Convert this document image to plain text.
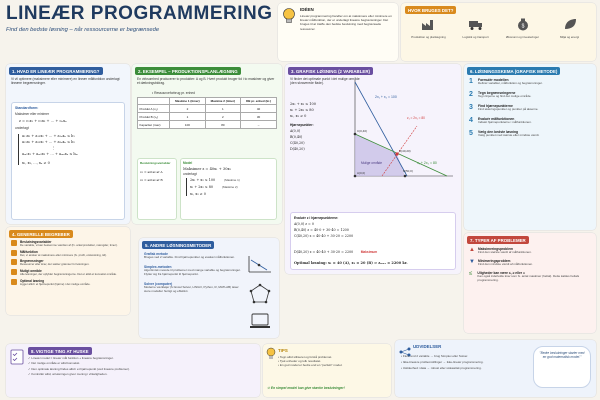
LINEÆR PROGRAMMERING
Find den bedste løsning – når ressourcerne er begrænsede
IDÉEN
Lineær programmering handler om at maksimere eller minimere en lineær målfunktion, der er underlagt lineære begrænsninger. Det bruges til at træffe den bedste beslutning med begrænsede ressourcer.
HVOR BRUGES DET?
Produktion og planlægning	Logistik og transport
$
Økonomi og investeringer	Miljø og energi
1. HVAD ER LINEÆR PROGRAMMERING?
Vi vil optimere (maksimere eller minimere) en lineær målfunktion underlagt lineære begrænsninger.
Standardform:
Maksimer eller minimer
z = c₁x₁ + c₂x₂ + … + cₙxₙ
underlagt
a₁₁x₁ + a₁₂x₂ + … + a₁ₙxₙ ≤ b₁
a₂₁x₁ + a₂₂x₂ + … + a₂ₙxₙ ≤ b₂
⋮
aₘ₁x₁ + aₘ₂x₂ + … + aₘₙxₙ ≤ bₘ
x₁, x₂, …, xₙ ≥ 0
2. EKSEMPEL – PRODUKTIONSPLANLÆGNING
En virksomhed producerer to produkter: A og B. Hvert produkt bruger tid i to maskiner og giver et dækningsbidrag.
• Ressourceforbrug pr. enhed
	Maskine 1 (timer)	Maskine 2 (timer)	DB pr. enhed (kr.)
Produkt A (x₁)	2	1	40
Produkt B (x₂)	1	2	30
Kapacitet (max)	100	80	–
Beslutningsvariabler
x₁ = antal af A
x₂ = antal af B
Model
Maksimer z = 40x₁ + 30x₂
underlagt
2x₁ + x₂ ≤ 100	(Maskine 1)
x₁ + 2x₂ ≤ 80	(Maskine 2)
x₁, x₂ ≥ 0
3. GRAFISK LØSNING (2 VARIABLER)
Vi finder det optimale punkt i det mulige område (den skraverede flade).
2x₁ + x₂ ≤ 100
x₁ + 2x₂ ≤ 80
x₁, x₂ ≥ 0
Hjørnepunkter:
A(0,0)
B(0,40)
C(40,20)
D(40,20)
2x₁ + x₂ = 100
x₁ + 2x₂ = 80
Mulige område
z₁ = 2x₁ = 80
C(0,40)
D(40,20)
A(0,0)	B(50,0)
Evaluér z i hjørnepunkterne:
A(0,0) z = 0
B(0,40) z = 40·0 + 30·40 = 1200
C(40,20) z = 40·40 + 30·20 = 2200
D(40,20) z = 40·40 + 30·20 = 2200 Maksimum
Optimal løsning: x₁ = 40 (A), x₂ = 20 (B) ⇒ zₘₐₓ = 2200 kr.
6. LØSNINGSSKEMA (GRAFISK METODE)
1	Formulér modellen
Definér variabler, målfunktion og begrænsninger.
2	Tegn begrænsningerne
Tegn linjerne og find det mulige område.
3	Find hjørnepunkterne
Find skæringspunkter og punkter på akserne.
4	Evaluér målfunktionen
Indsæt hjørnepunkterne i målfunktionen.
5	Vælg den bedste løsning
Vælg punktet med største eller mindste værdi.
4. GENERELLE BEGREBER
Beslutningsvariabler
De variable, vi kan bestemme værdien af (fx. antal produkter, mængder, timer).
Målfunktion
Det, vi ønsker at maksimere eller minimere (fx. profit, omkostning, tid).
Begrænsninger
Ressourcer eller krav, der sætter grænser for løsningen.
Muligt område
Alle løsninger, der opfylder begrænsningerne. Det er altid et konvekst område.
Optimal løsning
Ligger altid i et hjørnepunkt (hjørne) i det mulige område.
5. ANDRE LØSNINGSMETODER
Grafisk metode
Bruges ved 2 variable. Find hjørnepunkter og evaluér målfunktionen.
Simplex-metoden
Algoritmisk metode til problemer med mange variable og begrænsninger. Flytter sig fra hjørnepunkt til hjørnepunkt.
Solver (computer)
Moderne værktøjer (fx Excel Solver, LINGO, Python, R, MATLAB) løser store modeller hurtigt og effektivt.
7. TYPER AF PROBLEMER
▲ Maksimeringsproblem
Find den største værdi af målfunktionen.
▼ Minimeringsproblem
Find den mindste værdi af målfunktionen.
≤	Uligheder kan være ≤, ≥ eller =
Kan også indeholde krav som fx. antal maskiner (heltal). Dette kaldes heltals programmering.
8. VIGTIGE TING AT HUSKE
✓ Lineær model = lineær mål funktion + lineære begrænsninger.
✓ Det mulige område er altid konvekst.
✓ Den optimale løsning findes altid i et hjørnepunkt (ved lineære problemer).
✓ Kontrollér altid, at løsningen giver mening i virkeligheden.
TIPS
• Tegn altid stiliseret og forstå problemet.
• Tjek enheder og tolk resultatet.
• En god model er bedre end en "perfekt" model.
☆ En simpel model kan give stærke beslutninger!
UDVIDELSER
• Flere end 2 variable → brug Simplex eller Solver.
• Ikke-lineære problemstillinger → ikke-lineær programmering.
• Usikkerhed i data → robust eller stokastisk programmering.
"Bedre beslutninger starter med en god matematisk model."
